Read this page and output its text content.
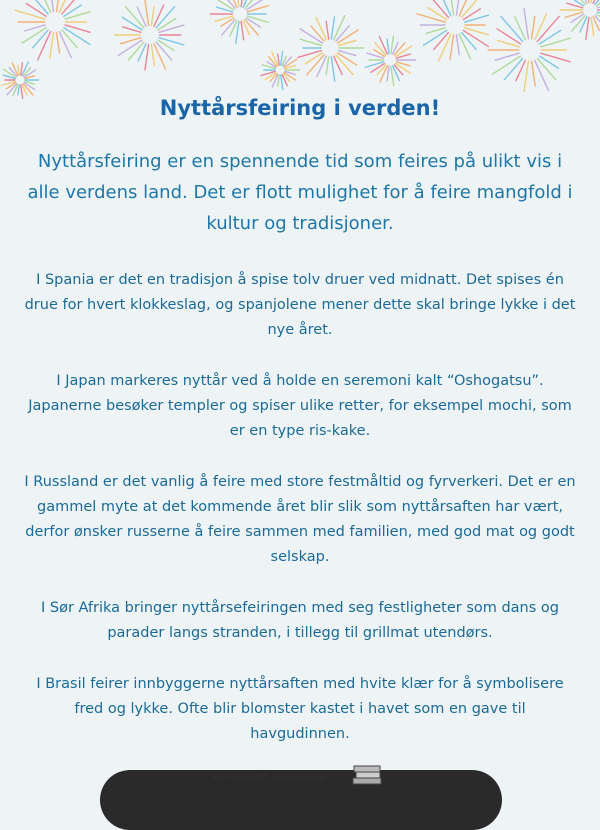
Nyttårsfeiring i verden!

Nyttårsfeiring er en spennende tid som feires på ulikt vis i alle verdens land. Det er flott mulighet for å feire mangfold i kultur og tradisjoner.

I Spania er det en tradisjon å spise tolv druer ved midnatt. Det spises én drue for hvert klokkeslag, og spanjolene mener dette skal bringe lykke i det nye året.

I Japan markeres nyttår ved å holde en seremoni kalt “Oshogatsu”. Japanerne besøker templer og spiser ulike retter, for eksempel mochi, som er en type ris-kake.

I Russland er det vanlig å feire med store festmåltid og fyrverkeri. Det er en gammel myte at det kommende året blir slik som nyttårsaften har vært, derfor ønsker russerne å feire sammen med familien, med god mat og godt selskap.

I Sør Afrika bringer nyttårsefeiringen med seg festligheter som dans og parader langs stranden, i tillegg til grillmat utendørs.

I Brasil feirer innbyggerne nyttårsaften med hvite klær for å symbolisere fred og lykke. Ofte blir blomster kastet i havet som en gave til havgudinnen.

Viel Kunnikoff- Undervisning
